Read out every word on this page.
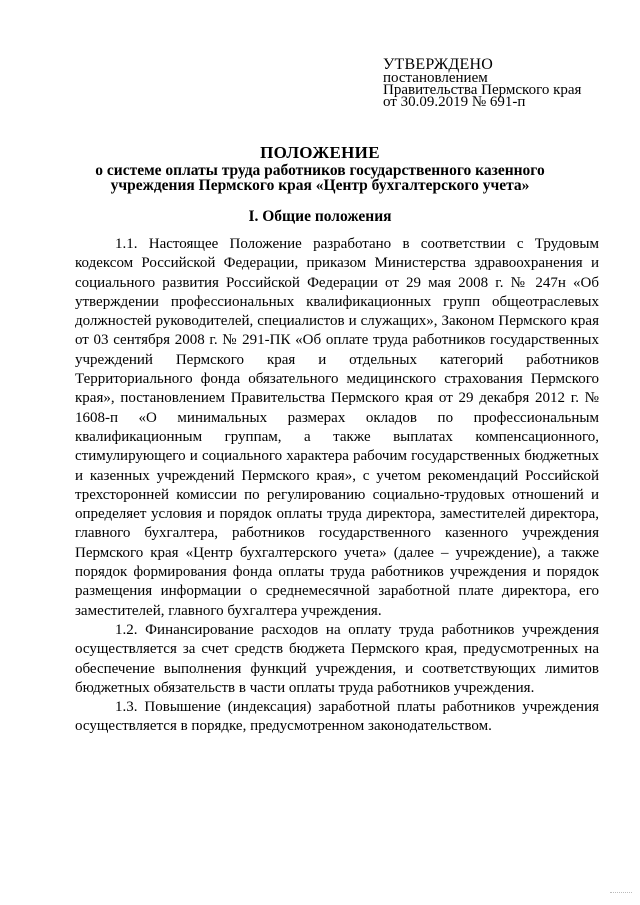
УТВЕРЖДЕНО
постановлением
Правительства Пермского края
от 30.09.2019 № 691-п
ПОЛОЖЕНИЕ
о системе оплаты труда работников государственного казенного
учреждения Пермского края «Центр бухгалтерского учета»
I. Общие положения

1.1. Настоящее Положение разработано в соответствии с Трудовым кодексом Российской Федерации, приказом Министерства здравоохранения и социального развития Российской Федерации от 29 мая 2008 г. № 247н «Об утверждении профессиональных квалификационных групп общеотраслевых должностей руководителей, специалистов и служащих», Законом Пермского края от 03 сентября 2008 г. № 291-ПК «Об оплате труда работников государственных учреждений Пермского края и отдельных категорий работников Территориального фонда обязательного медицинского страхования Пермского края», постановлением Правительства Пермского края от 29 декабря 2012 г. № 1608-п «О минимальных размерах окладов по профессиональным квалификационным группам, а также выплатах компенсационного, стимулирующего и социального характера рабочим государственных бюджетных и казенных учреждений Пермского края», с учетом рекомендаций Российской трехсторонней комиссии по регулированию социально-трудовых отношений и определяет условия и порядок оплаты труда директора, заместителей директора, главного бухгалтера, работников государственного казенного учреждения Пермского края «Центр бухгалтерского учета» (далее – учреждение), а также порядок формирования фонда оплаты труда работников учреждения и порядок размещения информации о среднемесячной заработной плате директора, его заместителей, главного бухгалтера учреждения.

1.2. Финансирование расходов на оплату труда работников учреждения осуществляется за счет средств бюджета Пермского края, предусмотренных на обеспечение выполнения функций учреждения, и соответствующих лимитов бюджетных обязательств в части оплаты труда работников учреждения.

1.3. Повышение (индексация) заработной платы работников учреждения осуществляется в порядке, предусмотренном законодательством.
